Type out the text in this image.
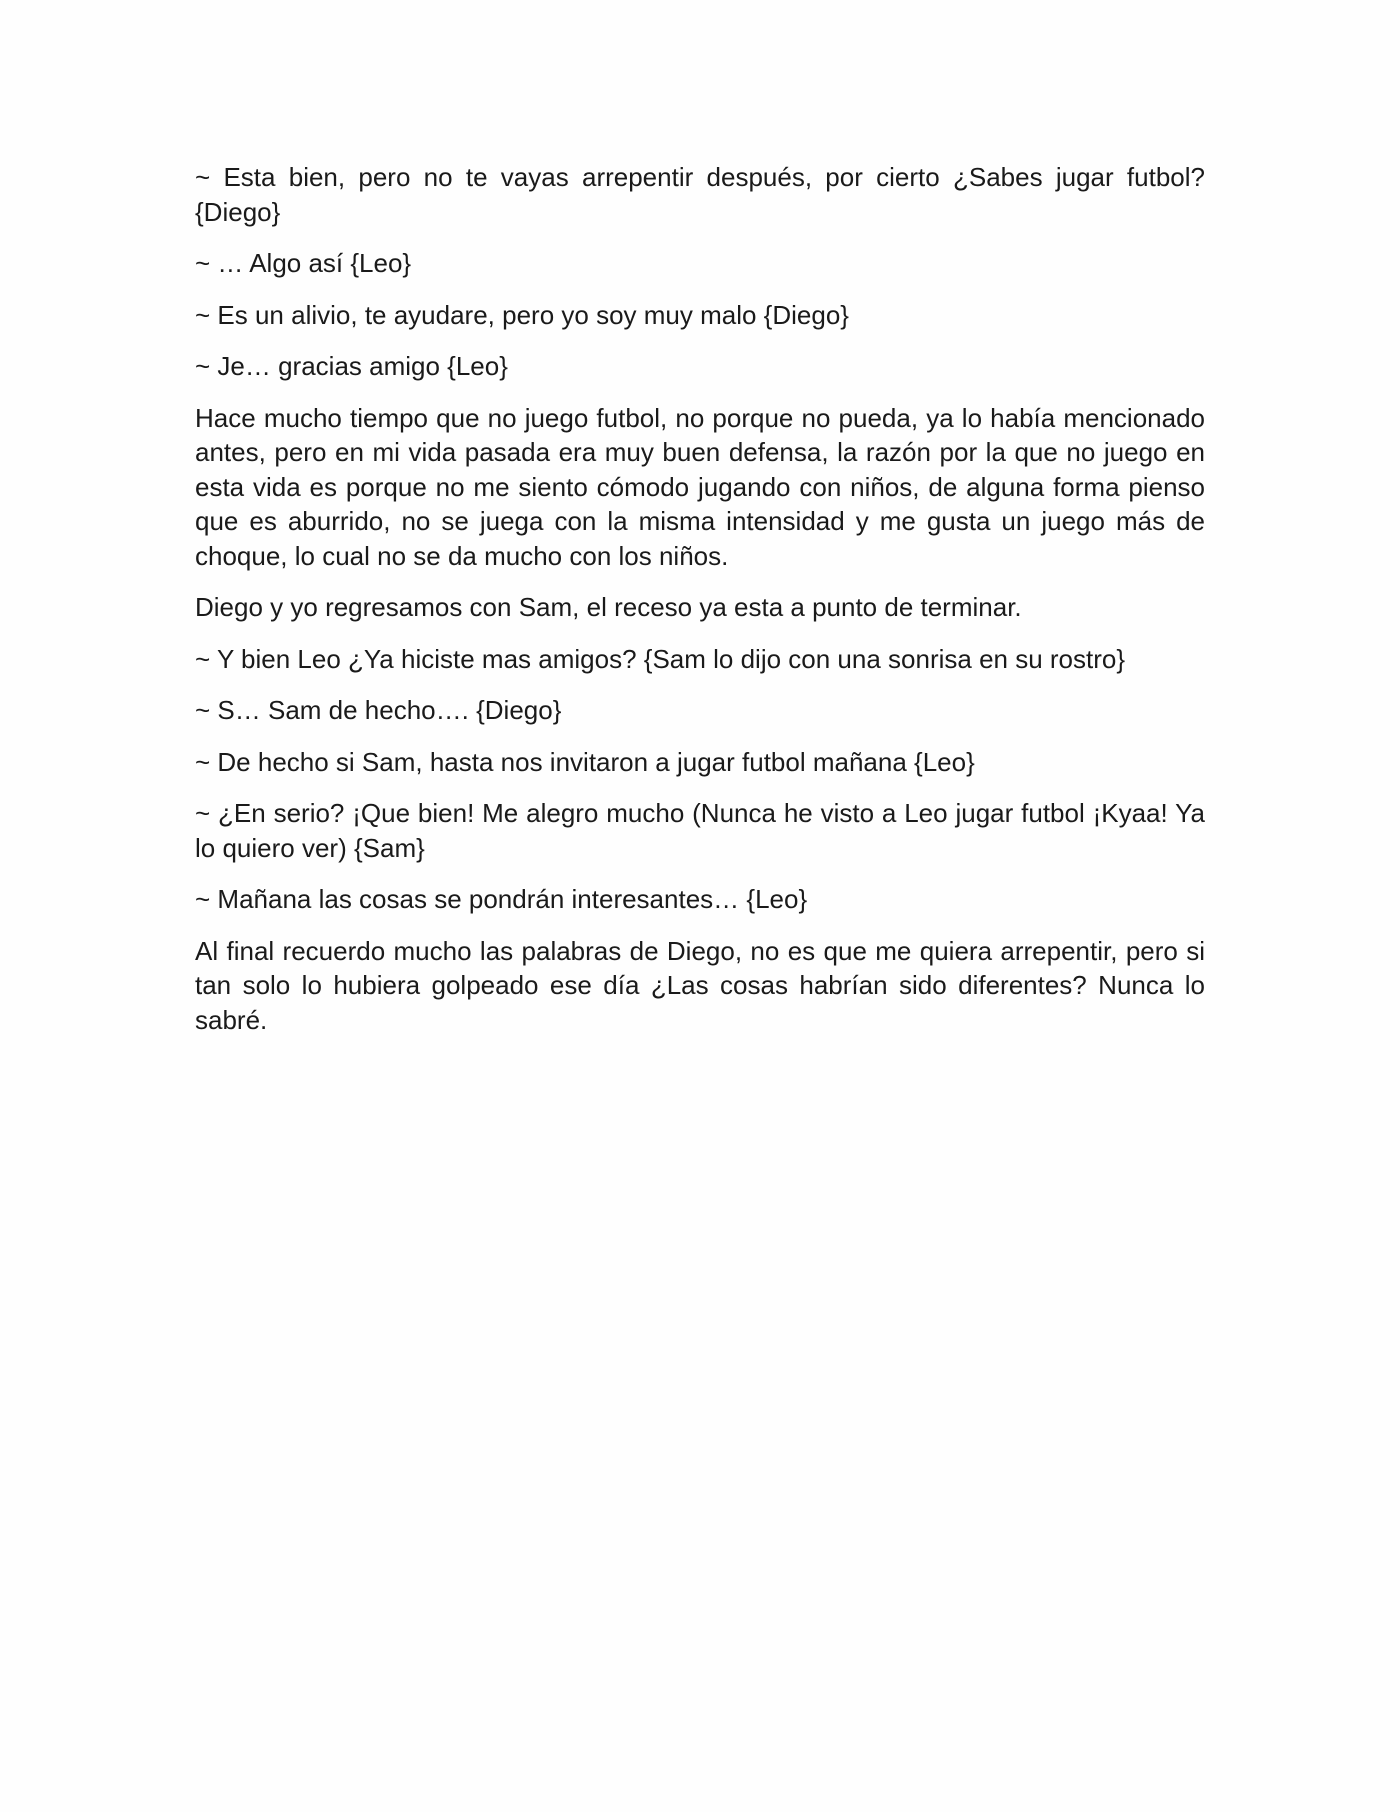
~ Esta bien, pero no te vayas arrepentir después, por cierto ¿Sabes jugar futbol? {Diego}

~ … Algo así {Leo}

~ Es un alivio, te ayudare, pero yo soy muy malo {Diego}

~ Je… gracias amigo {Leo}

Hace mucho tiempo que no juego futbol, no porque no pueda, ya lo había mencionado antes, pero en mi vida pasada era muy buen defensa, la razón por la que no juego en esta vida es porque no me siento cómodo jugando con niños, de alguna forma pienso que es aburrido, no se juega con la misma intensidad y me gusta un juego más de choque, lo cual no se da mucho con los niños.

Diego y yo regresamos con Sam, el receso ya esta a punto de terminar.

~ Y bien Leo ¿Ya hiciste mas amigos? {Sam lo dijo con una sonrisa en su rostro}

~ S… Sam de hecho…. {Diego}

~ De hecho si Sam, hasta nos invitaron a jugar futbol mañana {Leo}

~ ¿En serio? ¡Que bien! Me alegro mucho (Nunca he visto a Leo jugar futbol ¡Kyaa! Ya lo quiero ver) {Sam}

~ Mañana las cosas se pondrán interesantes… {Leo}

Al final recuerdo mucho las palabras de Diego, no es que me quiera arrepentir, pero si tan solo lo hubiera golpeado ese día ¿Las cosas habrían sido diferentes? Nunca lo sabré.
